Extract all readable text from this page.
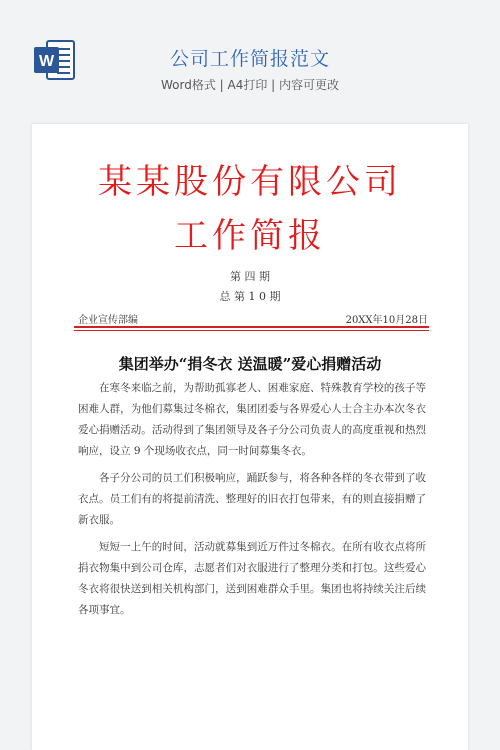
W	公司工作简报范文
Word格式 | A4打印 | 内容可更改
某某股份有限公司
工作简报
第 四 期
总 第 1 0 期
企业宣传部编	20XX年10月28日
集团举办“捐冬衣 送温暖”爱心捐赠活动

在寒冬来临之前，为帮助孤寡老人、困难家庭、特殊教育学校的孩子等困难人群，为他们募集过冬棉衣，集团团委与各界爱心人士合主办本次冬衣爱心捐赠活动。活动得到了集团领导及各子分公司负责人的高度重视和热烈响应，设立 9 个现场收衣点，同一时间募集冬衣。

各子分公司的员工们积极响应，踊跃参与，将各种各样的冬衣带到了收衣点。员工们有的将提前清洗、整理好的旧衣打包带来，有的则直接捐赠了新衣服。

短短一上午的时间，活动就募集到近万件过冬棉衣。在所有收衣点将所捐衣物集中到公司仓库，志愿者们对衣服进行了整理分类和打包。这些爱心冬衣将很快送到相关机构部门，送到困难群众手里。集团也将持续关注后续各项事宜。
